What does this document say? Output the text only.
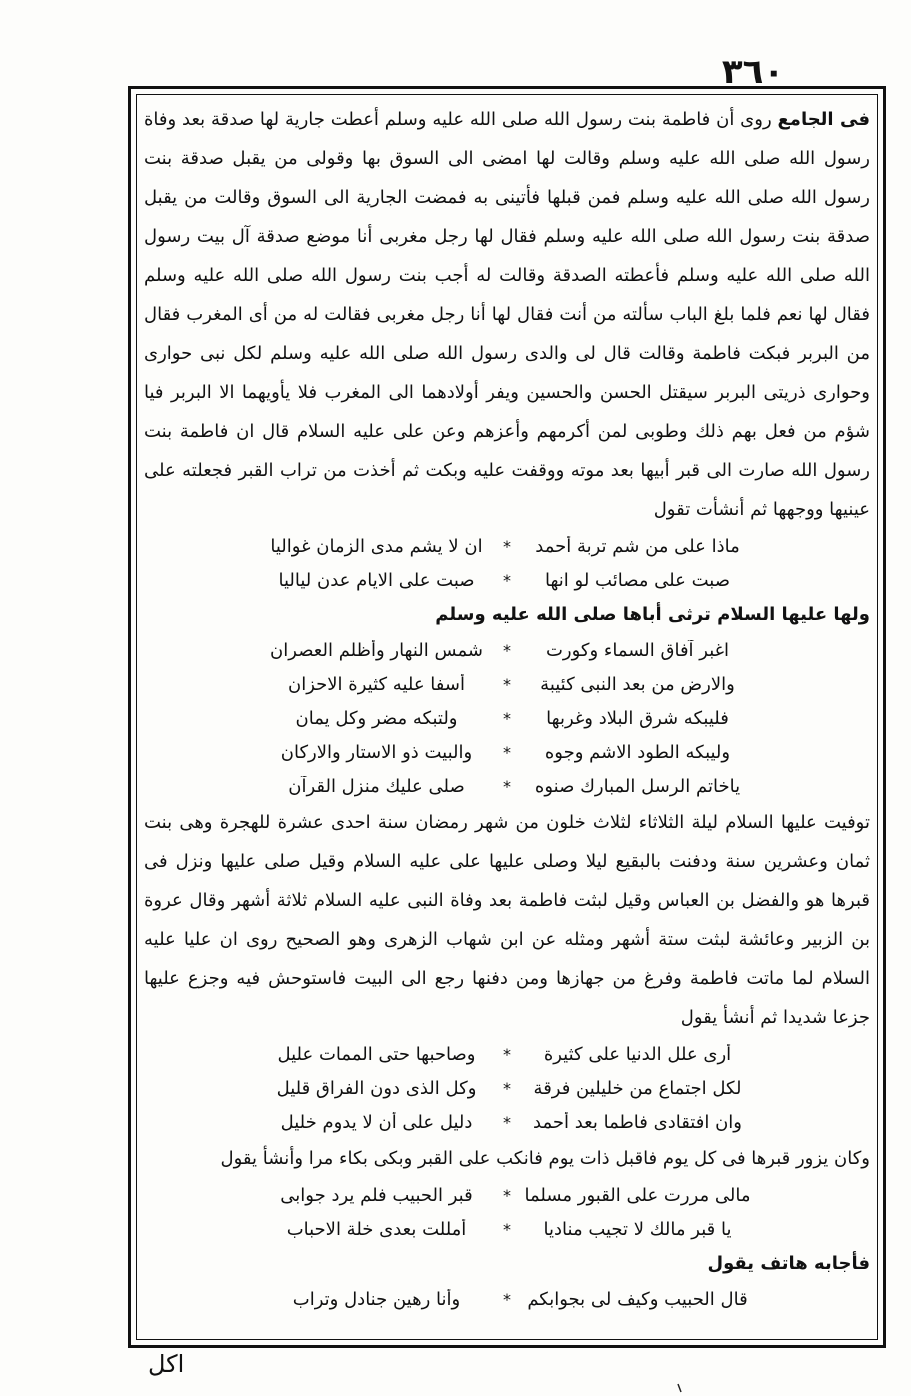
٣٦٠

فى الجامع روى أن فاطمة بنت رسول الله صلى الله عليه وسلم أعطت جارية لها صدقة بعد وفاة رسول الله صلى الله عليه وسلم وقالت لها امضى الى السوق بها وقولى من يقبل صدقة بنت رسول الله صلى الله عليه وسلم فمن قبلها فأتينى به فمضت الجارية الى السوق وقالت من يقبل صدقة بنت رسول الله صلى الله عليه وسلم فقال لها رجل مغربى أنا موضع صدقة آل بيت رسول الله صلى الله عليه وسلم فأعطته الصدقة وقالت له أجب بنت رسول الله صلى الله عليه وسلم فقال لها نعم فلما بلغ الباب سألته من أنت فقال لها أنا رجل مغربى فقالت له من أى المغرب فقال من البربر فبكت فاطمة وقالت قال لى والدى رسول الله صلى الله عليه وسلم لكل نبى حوارى وحوارى ذريتى البربر سيقتل الحسن والحسين ويفر أولادهما الى المغرب فلا يأويهما الا البربر فيا شؤم من فعل بهم ذلك وطوبى لمن أكرمهم وأعزهم وعن على عليه السلام قال ان فاطمة بنت رسول الله صارت الى قبر أبيها بعد موته ووقفت عليه وبكت ثم أخذت من تراب القبر فجعلته على عينيها ووجهها ثم أنشأت تقول

ماذا على من شم تربة أحمد
*
ان لا يشم مدى الزمان غواليا
صبت على مصائب لو انها
*
صبت على الايام عدن لياليا

ولها عليها السلام ترثى أباها صلى الله عليه وسلم

اغبر آفاق السماء وكورت
*
شمس النهار وأظلم العصران
والارض من بعد النبى كئيبة
*
أسفا عليه كثيرة الاحزان
فليبكه شرق البلاد وغربها
*
ولتبكه مضر وكل يمان
وليبكه الطود الاشم وجوه
*
والبيت ذو الاستار والاركان
ياخاتم الرسل المبارك صنوه
*
صلى عليك منزل القرآن

توفيت عليها السلام ليلة الثلاثاء لثلاث خلون من شهر رمضان سنة احدى عشرة للهجرة وهى بنت ثمان وعشرين سنة ودفنت بالبقيع ليلا وصلى عليها على عليه السلام وقيل صلى عليها ونزل فى قبرها هو والفضل بن العباس وقيل لبثت فاطمة بعد وفاة النبى عليه السلام ثلاثة أشهر وقال عروة بن الزبير وعائشة لبثت ستة أشهر ومثله عن ابن شهاب الزهرى وهو الصحيح روى ان عليا عليه السلام لما ماتت فاطمة وفرغ من جهازها ومن دفنها رجع الى البيت فاستوحش فيه وجزع عليها جزعا شديدا ثم أنشأ يقول

أرى علل الدنيا على كثيرة
*
وصاحبها حتى الممات عليل
لكل اجتماع من خليلين فرقة
*
وكل الذى دون الفراق قليل
وان افتقادى فاطما بعد أحمد
*
دليل على أن لا يدوم خليل

وكان يزور قبرها فى كل يوم فاقبل ذات يوم فانكب على القبر وبكى بكاء مرا وأنشأ يقول

مالى مررت على القبور مسلما
*
قبر الحبيب فلم يرد جوابى
يا قبر مالك لا تجيب مناديا
*
أمللت بعدى خلة الاحباب

فأجابه هاتف يقول

قال الحبيب وكيف لى بجوابكم
*
وأنا رهين جنادل وتراب
اكل
